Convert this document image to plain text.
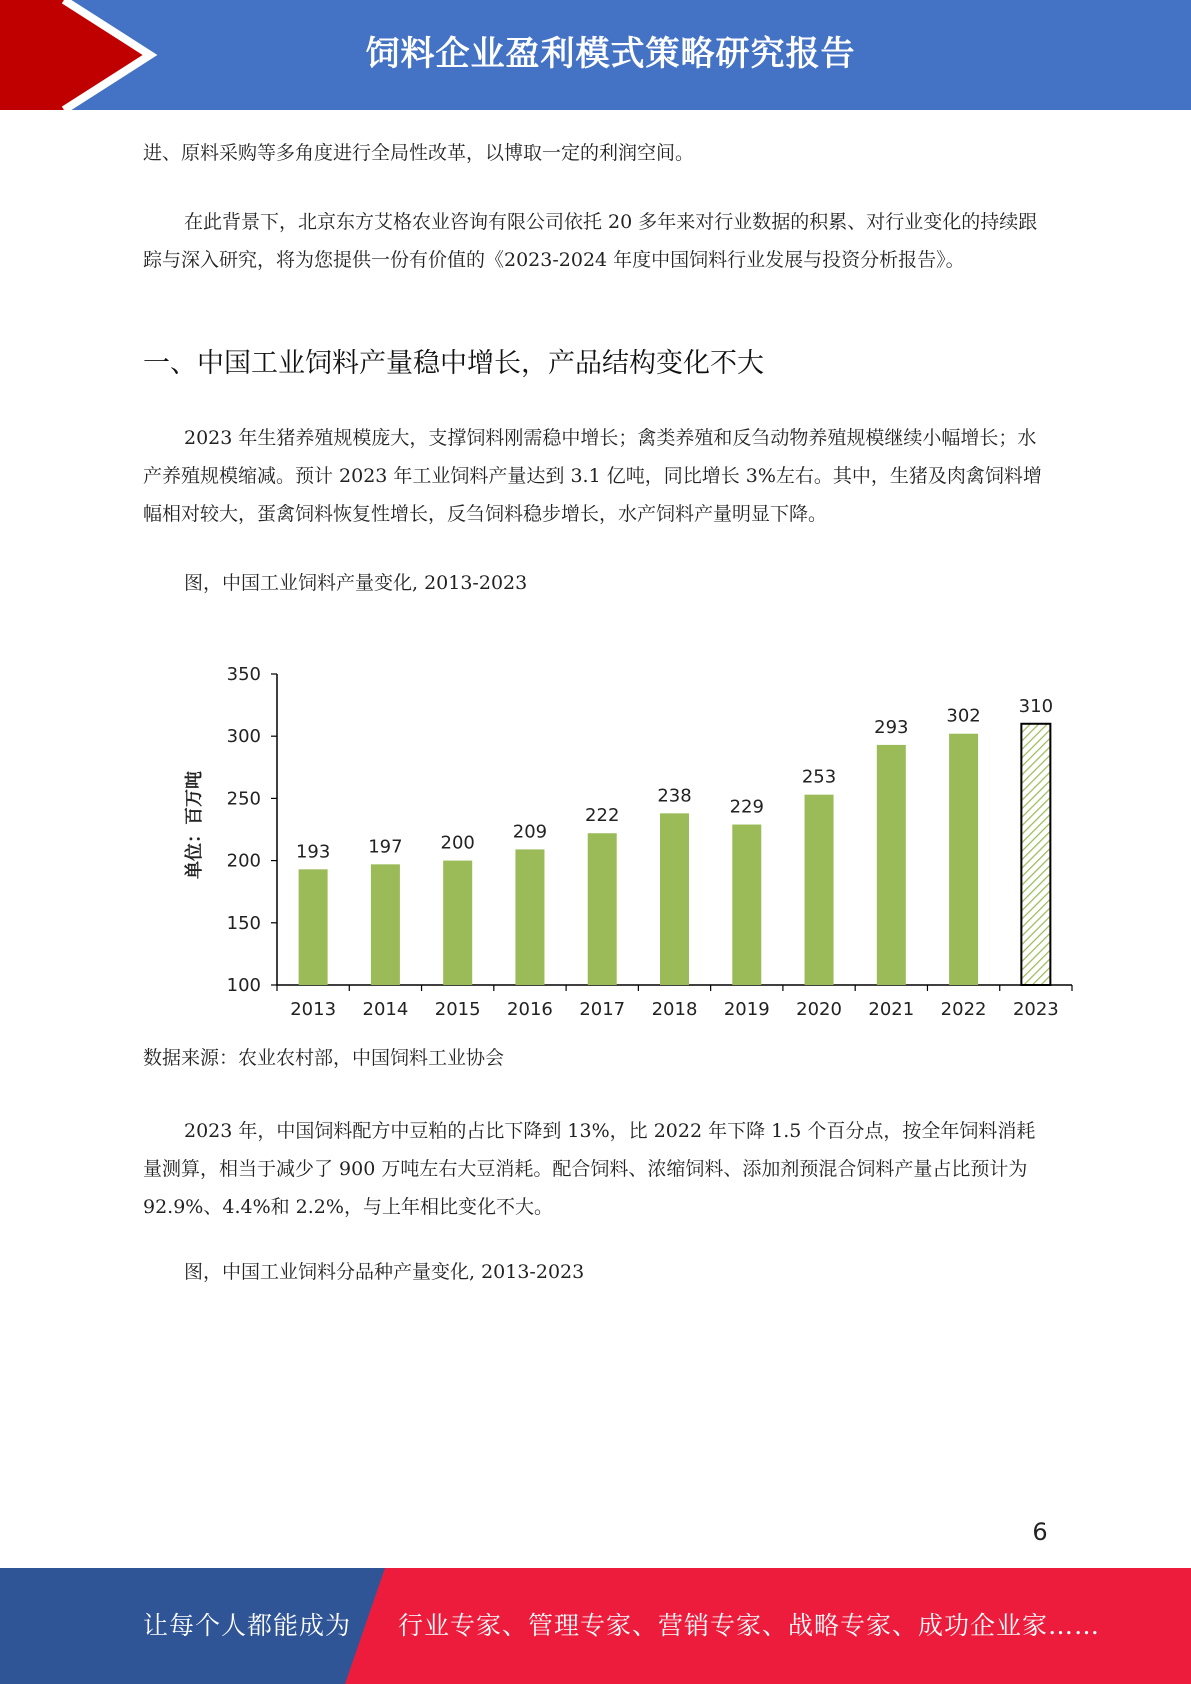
饲料企业盈利模式策略研究报告

进、原料采购等多角度进行全局性改革，以博取一定的利润空间。

在此背景下，北京东方艾格农业咨询有限公司依托 20 多年来对行业数据的积累、对行业变化的持续跟踪与深入研究，将为您提供一份有价值的《2023-2024 年度中国饲料行业发展与投资分析报告》。

一、中国工业饲料产量稳中增长，产品结构变化不大

2023 年生猪养殖规模庞大，支撑饲料刚需稳中增长；禽类养殖和反刍动物养殖规模继续小幅增长；水产养殖规模缩减。预计 2023 年工业饲料产量达到 3.1 亿吨，同比增长 3%左右。其中，生猪及肉禽饲料增幅相对较大，蛋禽饲料恢复性增长，反刍饲料稳步增长，水产饲料产量明显下降。

图，中国工业饲料产量变化, 2013-2023

100
150
200
250
300
350
193
2013
197
2014
200
2015
209
2016
222
2017
238
2018
229
2019
253
2020
293
2021
302
2022
310
2023
单位：百万吨

数据来源：农业农村部，中国饲料工业协会

2023 年，中国饲料配方中豆粕的占比下降到 13%，比 2022 年下降 1.5 个百分点，按全年饲料消耗量测算，相当于减少了 900 万吨左右大豆消耗。配合饲料、浓缩饲料、添加剂预混合饲料产量占比预计为 92.9%、4.4%和 2.2%，与上年相比变化不大。

图，中国工业饲料分品种产量变化, 2013-2023

6
让每个人都能成为 行业专家、管理专家、营销专家、战略专家、成功企业家……
